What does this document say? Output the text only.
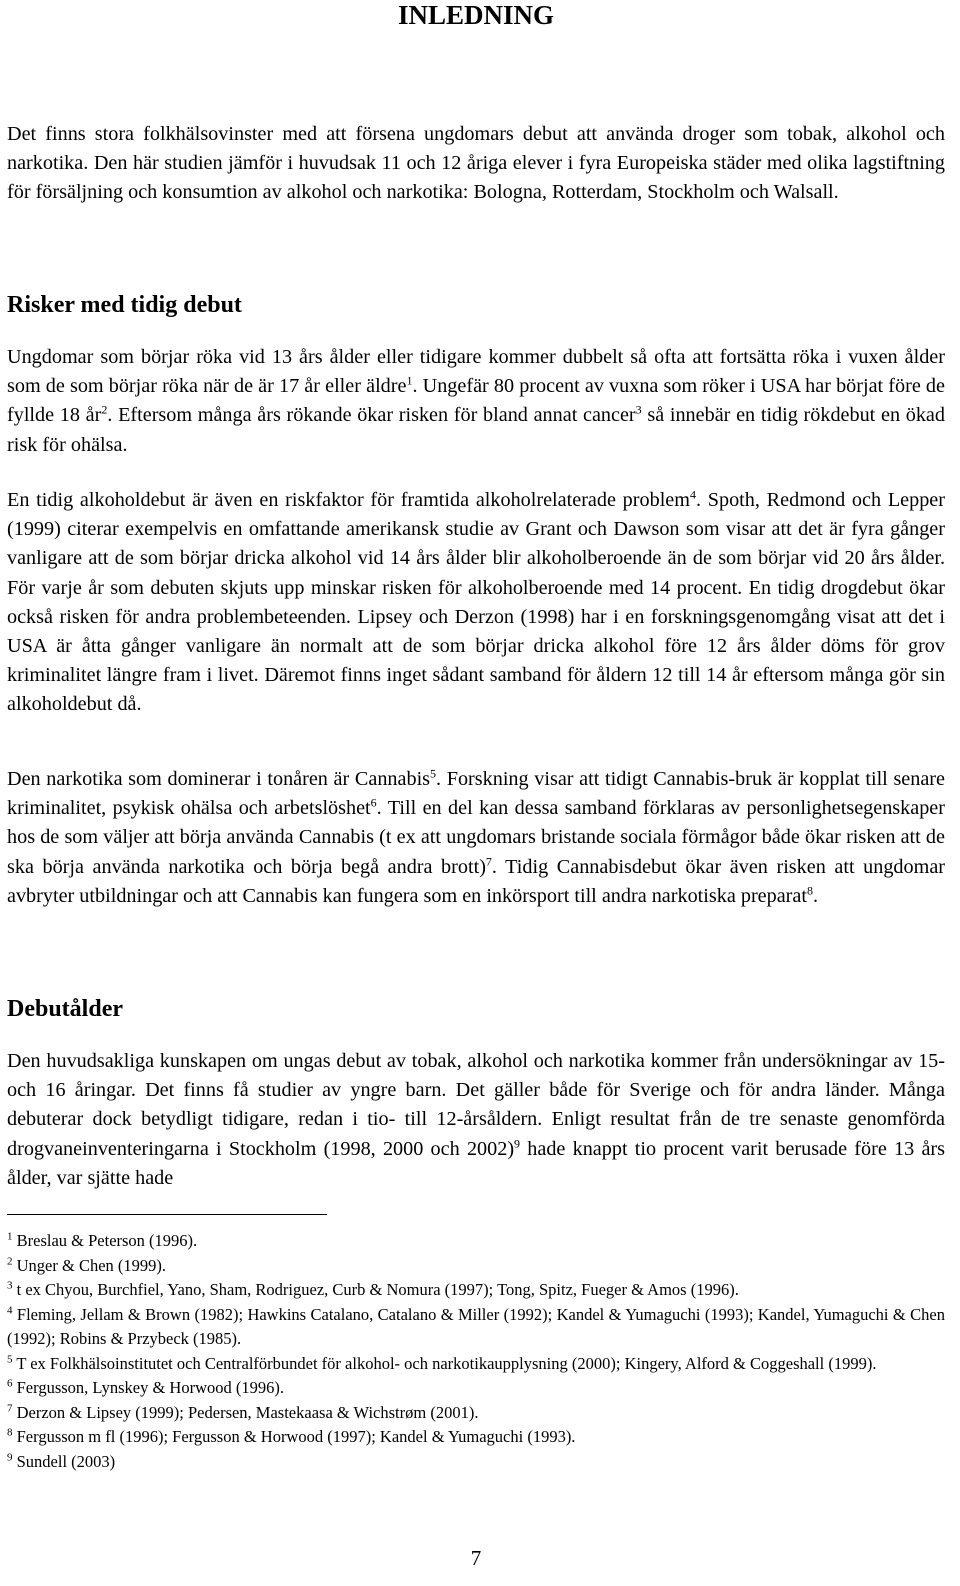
INLEDNING

Det finns stora folkhälsovinster med att försena ungdomars debut att använda droger som tobak, alkohol och narkotika. Den här studien jämför i huvudsak 11 och 12 åriga elever i fyra Europeiska städer med olika lagstiftning för försäljning och konsumtion av alkohol och narkotika: Bologna, Rotterdam, Stockholm och Walsall.

Risker med tidig debut

Ungdomar som börjar röka vid 13 års ålder eller tidigare kommer dubbelt så ofta att fortsätta röka i vuxen ålder som de som börjar röka när de är 17 år eller äldre$^1$. Ungefär 80 procent av vuxna som röker i USA har börjat före de fyllde 18 $år^2$. Eftersom många års rökande ökar risken för bland annat cancer$^3$ så innebär en tidig rökdebut en ökad risk för ohälsa.

En tidig alkoholdebut är även en riskfaktor för framtida alkoholrelaterade problem$^4$. Spoth, Redmond och Lepper (1999) citerar exempelvis en omfattande amerikansk studie av Grant och Dawson som visar att det är fyra gånger vanligare att de som börjar dricka alkohol vid 14 års ålder blir alkoholberoende än de som börjar vid 20 års ålder. För varje år som debuten skjuts upp minskar risken för alkoholberoende med 14 procent. En tidig drogdebut ökar också risken för andra problembeteenden. Lipsey och Derzon (1998) har i en forskningsgenomgång visat att det i USA är åtta gånger vanligare än normalt att de som börjar dricka alkohol före 12 års ålder döms för grov kriminalitet längre fram i livet. Däremot finns inget sådant samband för åldern 12 till 14 år eftersom många gör sin alkoholdebut då.

Den narkotika som dominerar i tonåren är Cannabis$^5$. Forskning visar att tidigt Cannabis-bruk är kopplat till senare kriminalitet, psykisk ohälsa och arbetslöshet$^6$. Till en del kan dessa samband förklaras av personlighetsegenskaper hos de som väljer att börja använda Cannabis (t ex att ungdomars bristande sociala förmågor både ökar risken att de ska börja använda narkotika och börja begå andra brott)$^7$. Tidig Cannabisdebut ökar även risken att ungdomar avbryter utbildningar och att Cannabis kan fungera som en inkörsport till andra narkotiska preparat$^8$.

Debutålder

Den huvudsakliga kunskapen om ungas debut av tobak, alkohol och narkotika kommer från undersökningar av 15- och 16 åringar. Det finns få studier av yngre barn. Det gäller både för Sverige och för andra länder. Många debuterar dock betydligt tidigare, redan i tio- till 12-årsåldern. Enligt resultat från de tre senaste genomförda drogvaneinventeringarna i Stockholm (1998, 2000 och 2002)$^9$ hade knappt tio procent varit berusade före 13 års ålder, var sjätte hade

$^1$ Breslau & Peterson (1996).

$^2$ Unger & Chen (1999).

$^3$ t ex Chyou, Burchfiel, Yano, Sham, Rodriguez, Curb & Nomura (1997); Tong, Spitz, Fueger & Amos (1996).

$^4$ Fleming, Jellam & Brown (1982); Hawkins Catalano, Catalano & Miller (1992); Kandel & Yumaguchi (1993); Kandel, Yumaguchi & Chen (1992); Robins & Przybeck (1985).

$^5$ T ex Folkhälsoinstitutet och Centralförbundet för alkohol- och narkotikaupplysning (2000); Kingery, Alford & Coggeshall (1999).

$^6$ Fergusson, Lynskey & Horwood (1996).

$^7$ Derzon & Lipsey (1999); Pedersen, Mastekaasa & Wichstrøm (2001).

$^8$ Fergusson m fl (1996); Fergusson & Horwood (1997); Kandel & Yumaguchi (1993).

$^9$ Sundell (2003)

7
